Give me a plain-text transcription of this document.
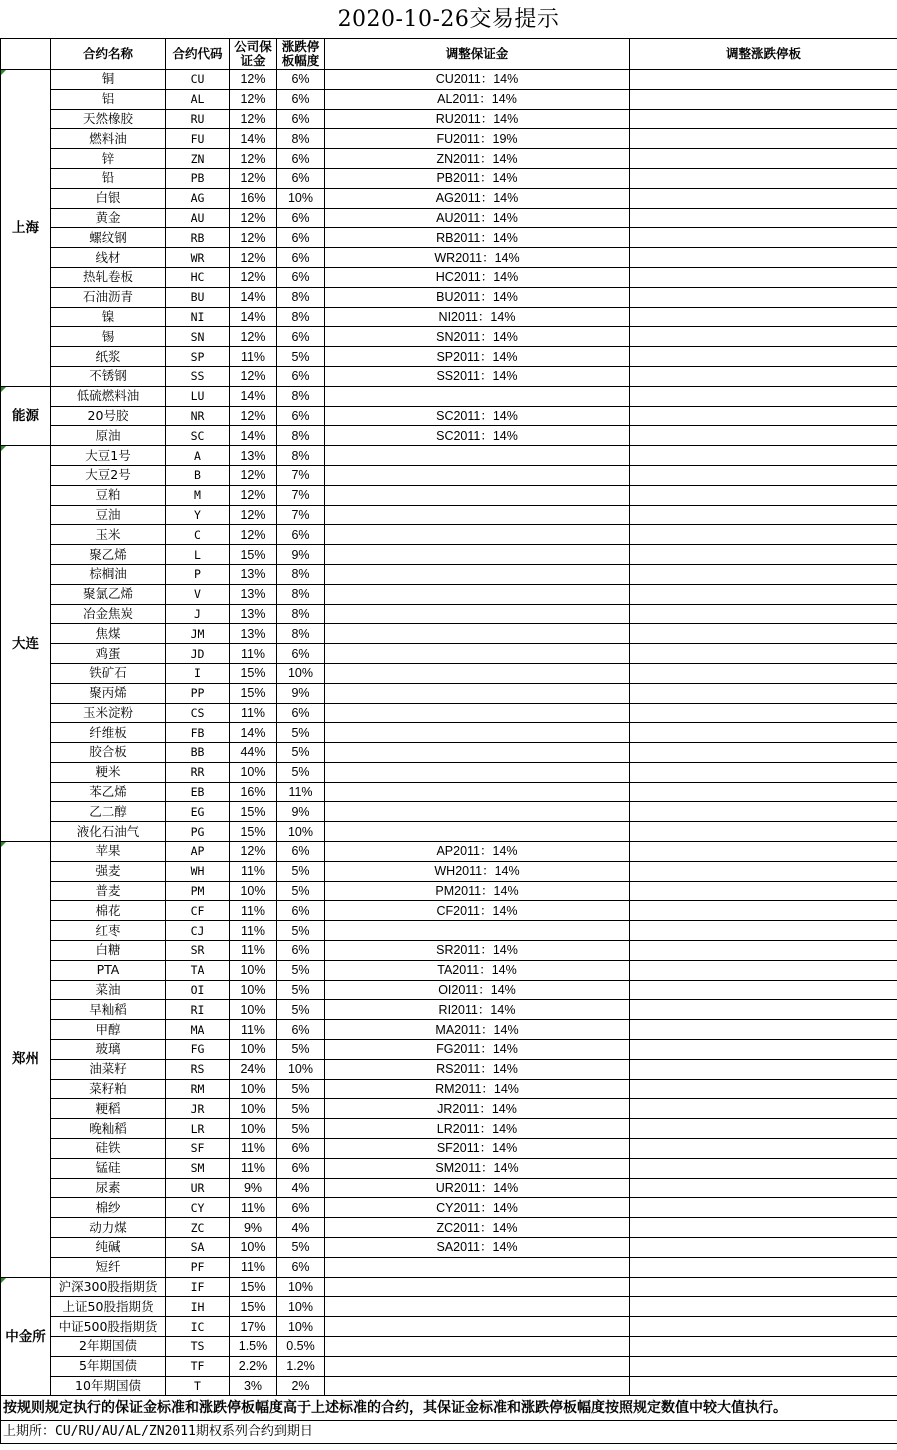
2020-10-26交易提示
	合约名称	合约代码	公司保证金	涨跌停板幅度	调整保证金	调整涨跌停板
上海	铜	CU	12%	6%	CU2011：14%	
	铝	AL	12%	6%	AL2011：14%	
	天然橡胶	RU	12%	6%	RU2011：14%	
	燃料油	FU	14%	8%	FU2011：19%	
	锌	ZN	12%	6%	ZN2011：14%	
	铅	PB	12%	6%	PB2011：14%	
	白银	AG	16%	10%	AG2011：14%	
	黄金	AU	12%	6%	AU2011：14%	
	螺纹钢	RB	12%	6%	RB2011：14%	
	线材	WR	12%	6%	WR2011：14%	
	热轧卷板	HC	12%	6%	HC2011：14%	
	石油沥青	BU	14%	8%	BU2011：14%	
	镍	NI	14%	8%	NI2011：14%	
	锡	SN	12%	6%	SN2011：14%	
	纸浆	SP	11%	5%	SP2011：14%	
	不锈钢	SS	12%	6%	SS2011：14%	
能源	低硫燃料油	LU	14%	8%		
	20号胶	NR	12%	6%	SC2011：14%	
	原油	SC	14%	8%	SC2011：14%	
大连	大豆1号	A	13%	8%		
	大豆2号	B	12%	7%		
	豆粕	M	12%	7%		
	豆油	Y	12%	7%		
	玉米	C	12%	6%		
	聚乙烯	L	15%	9%		
	棕榈油	P	13%	8%		
	聚氯乙烯	V	13%	8%		
	冶金焦炭	J	13%	8%		
	焦煤	JM	13%	8%		
	鸡蛋	JD	11%	6%		
	铁矿石	I	15%	10%		
	聚丙烯	PP	15%	9%		
	玉米淀粉	CS	11%	6%		
	纤维板	FB	14%	5%		
	胶合板	BB	44%	5%		
	粳米	RR	10%	5%		
	苯乙烯	EB	16%	11%		
	乙二醇	EG	15%	9%		
	液化石油气	PG	15%	10%		
郑州	苹果	AP	12%	6%	AP2011：14%	
	强麦	WH	11%	5%	WH2011：14%	
	普麦	PM	10%	5%	PM2011：14%	
	棉花	CF	11%	6%	CF2011：14%	
	红枣	CJ	11%	5%		
	白糖	SR	11%	6%	SR2011：14%	
	PTA	TA	10%	5%	TA2011：14%	
	菜油	OI	10%	5%	OI2011：14%	
	早籼稻	RI	10%	5%	RI2011：14%	
	甲醇	MA	11%	6%	MA2011：14%	
	玻璃	FG	10%	5%	FG2011：14%	
	油菜籽	RS	24%	10%	RS2011：14%	
	菜籽粕	RM	10%	5%	RM2011：14%	
	粳稻	JR	10%	5%	JR2011：14%	
	晚籼稻	LR	10%	5%	LR2011：14%	
	硅铁	SF	11%	6%	SF2011：14%	
	锰硅	SM	11%	6%	SM2011：14%	
	尿素	UR	9%	4%	UR2011：14%	
	棉纱	CY	11%	6%	CY2011：14%	
	动力煤	ZC	9%	4%	ZC2011：14%	
	纯碱	SA	10%	5%	SA2011：14%	
	短纤	PF	11%	6%		
中金所	沪深300股指期货	IF	15%	10%		
	上证50股指期货	IH	15%	10%		
	中证500股指期货	IC	17%	10%		
	2年期国债	TS	1.5%	0.5%		
	5年期国债	TF	2.2%	1.2%		
	10年期国债	T	3%	2%		
按规则规定执行的保证金标准和涨跌停板幅度高于上述标准的合约，其保证金标准和涨跌停板幅度按照规定数值中较大值执行。						
上期所：CU/RU/AU/AL/ZN2011期权系列合约到期日						
